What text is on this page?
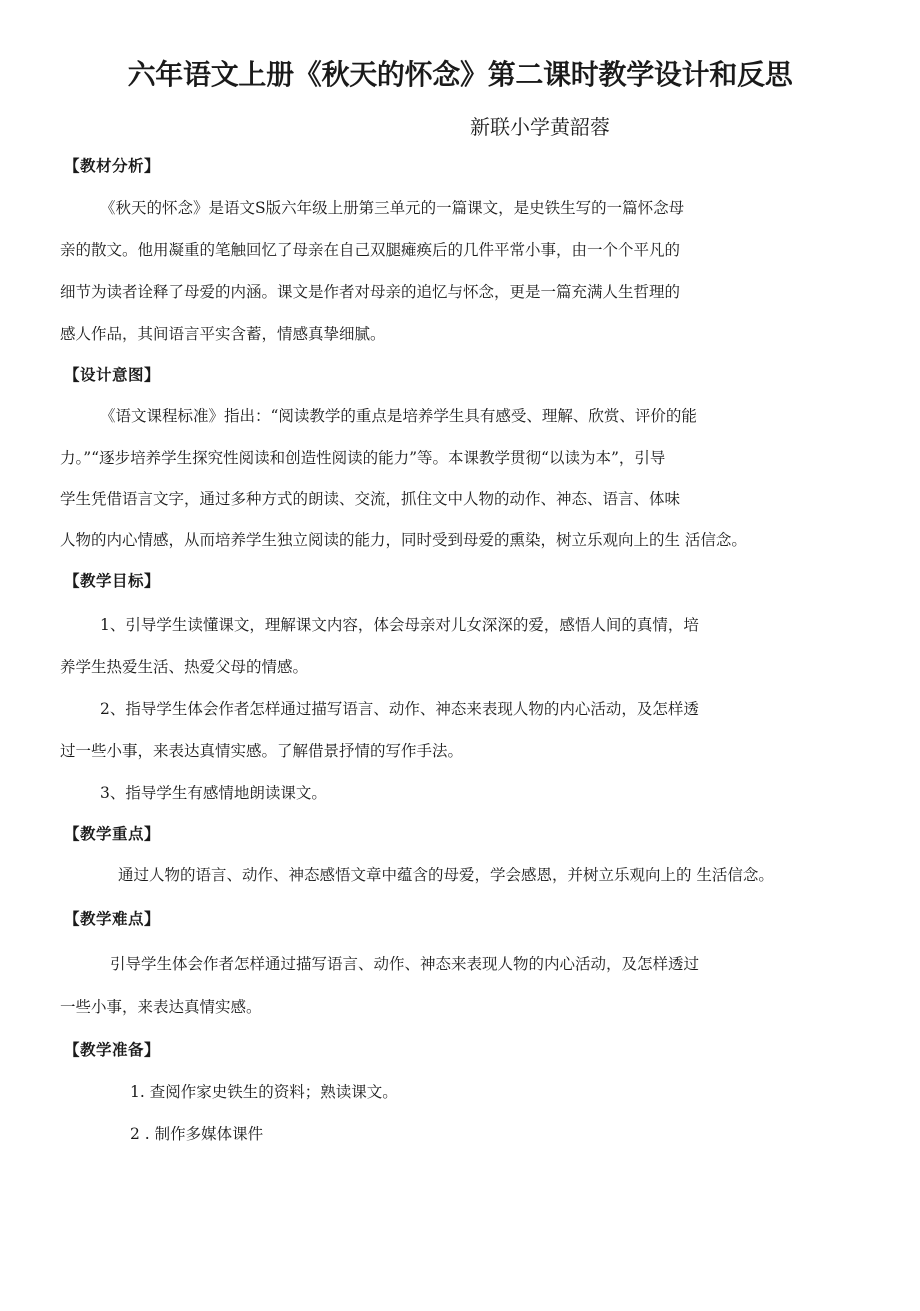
六年语文上册《秋天的怀念》第二课时教学设计和反思
新联小学黄韶蓉
【教材分析】
《秋天的怀念》是语文S版六年级上册第三单元的一篇课文，是史铁生写的一篇怀念母
亲的散文。他用凝重的笔触回忆了母亲在自己双腿瘫痪后的几件平常小事，由一个个平凡的
细节为读者诠释了母爱的内涵。课文是作者对母亲的追忆与怀念，更是一篇充满人生哲理的
感人作品，其间语言平实含蓄，情感真挚细腻。
【设计意图】
《语文课程标准》指出：“阅读教学的重点是培养学生具有感受、理解、欣赏、评价的能
力。”“逐步培养学生探究性阅读和创造性阅读的能力”等。本课教学贯彻“以读为本”，引导
学生凭借语言文字，通过多种方式的朗读、交流，抓住文中人物的动作、神态、语言、体味
人物的内心情感，从而培养学生独立阅读的能力，同时受到母爱的熏染，树立乐观向上的生 活信念。
【教学目标】
1、引导学生读懂课文，理解课文内容，体会母亲对儿女深深的爱，感悟人间的真情，培
养学生热爱生活、热爱父母的情感。
2、指导学生体会作者怎样通过描写语言、动作、神态来表现人物的内心活动，及怎样透
过一些小事，来表达真情实感。了解借景抒情的写作手法。
3、指导学生有感情地朗读课文。
【教学重点】
通过人物的语言、动作、神态感悟文章中蕴含的母爱，学会感恩，并树立乐观向上的 生活信念。
【教学难点】
引导学生体会作者怎样通过描写语言、动作、神态来表现人物的内心活动，及怎样透过
一些小事，来表达真情实感。
【教学准备】
1. 查阅作家史铁生的资料；熟读课文。
2 . 制作多媒体课件
